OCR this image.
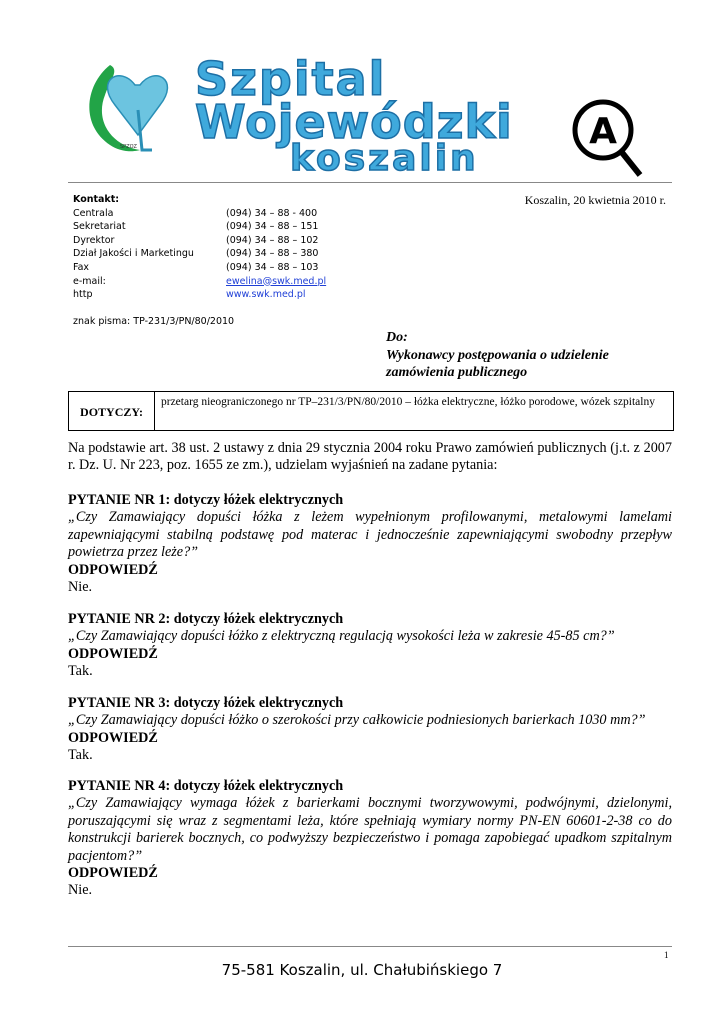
SPZOZ
Szpital
Wojewódzki
koszalin
A
Kontakt:
Centrala	(094) 34 – 88 - 400
Sekretariat	(094) 34 – 88 – 151
Dyrektor	(094) 34 – 88 – 102
Dział Jakości i Marketingu	(094) 34 – 88 – 380
Fax	(094) 34 – 88 – 103
e-mail:	ewelina@swk.med.pl
http	www.swk.med.pl
Koszalin, 20 kwietnia 2010 r.
znak pisma: TP-231/3/PN/80/2010
Do:
Wykonawcy postępowania o udzielenie
zamówienia publicznego
DOTYCZY:
przetarg nieograniczonego nr TP–231/3/PN/80/2010 – łóżka elektryczne, łóżko porodowe, wózek szpitalny
Na podstawie art. 38 ust. 2 ustawy z dnia 29 stycznia 2004 roku Prawo zamówień publicznych (j.t. z 2007 r. Dz. U. Nr 223, poz. 1655 ze zm.), udzielam wyjaśnień na zadane pytania:
PYTANIE NR 1: dotyczy łóżek elektrycznych
„Czy Zamawiający dopuści łóżka z leżem wypełnionym profilowanymi, metalowymi lamelami zapewniającymi stabilną podstawę pod materac i jednocześnie zapewniającymi swobodny przepływ powietrza przez leże?”
ODPOWIEDŹ
Nie.
PYTANIE NR 2: dotyczy łóżek elektrycznych
„Czy Zamawiający dopuści łóżko z elektryczną regulacją wysokości leża w zakresie 45-85 cm?”
ODPOWIEDŹ
Tak.
PYTANIE NR 3: dotyczy łóżek elektrycznych
„Czy Zamawiający dopuści łóżko o szerokości przy całkowicie podniesionych barierkach 1030 mm?”
ODPOWIEDŹ
Tak.
PYTANIE NR 4: dotyczy łóżek elektrycznych
„Czy Zamawiający wymaga łóżek z barierkami bocznymi tworzywowymi, podwójnymi, dzielonymi, poruszającymi się wraz z segmentami leża, które spełniają wymiary normy PN-EN 60601-2-38 co do konstrukcji barierek bocznych, co podwyższy bezpieczeństwo i pomaga zapobiegać upadkom szpitalnym pacjentom?”
ODPOWIEDŹ
Nie.
1
75-581 Koszalin, ul. Chałubińskiego 7
